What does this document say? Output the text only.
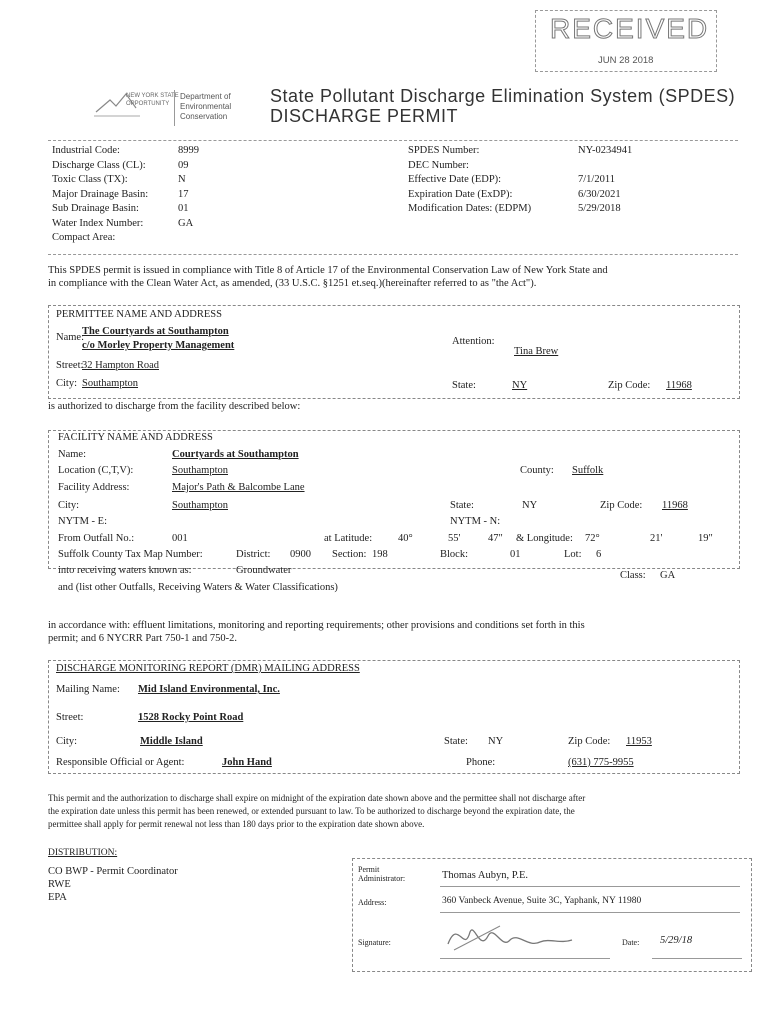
RECEIVED
JUN 28 2018
NEW YORK STATE
OPPORTUNITY
Department of
Environmental
Conservation
State Pollutant Discharge Elimination System (SPDES)
DISCHARGE PERMIT
Industrial Code:	8999
Discharge Class (CL):	09
Toxic Class (TX):	N
Major Drainage Basin:	17
Sub Drainage Basin:	01
Water Index Number:	GA
Compact Area:
SPDES Number:	NY-0234941
DEC Number:
Effective Date (EDP):	7/1/2011
Expiration Date (ExDP):	6/30/2021
Modification Dates: (EDPM)	5/29/2018
This SPDES permit is issued in compliance with Title 8 of Article 17 of the Environmental Conservation Law of New York State and
in compliance with the Clean Water Act, as amended, (33 U.S.C. §1251 et.seq.)(hereinafter referred to as "the Act").
PERMITTEE NAME AND ADDRESS
Name:
The Courtyards at Southampton
c/o Morley Property Management	Attention:
Tina Brew
Street:
32 Hampton Road
City: Southampton	State:	NY	Zip Code: 11968
is authorized to discharge from the facility described below:
FACILITY NAME AND ADDRESS
Name:	Courtyards at Southampton
Location (C,T,V):	Southampton	County: Suffolk
Facility Address:	Major's Path & Balcombe Lane
City:	Southampton	State:	NY	Zip Code: 11968
NYTM - E:	NYTM - N:
From Outfall No.:	001	at Latitude: 40°	55'	47" & Longitude: 72°	21'	19"
Suffolk County Tax Map Number:	District: 0900 Section: 198	Block:	01	Lot: 6
into receiving waters known as:	Groundwater	Class: GA
and (list other Outfalls, Receiving Waters & Water Classifications)
in accordance with: effluent limitations, monitoring and reporting requirements; other provisions and conditions set forth in this
permit; and 6 NYCRR Part 750-1 and 750-2.
DISCHARGE MONITORING REPORT (DMR) MAILING ADDRESS
Mailing Name: Mid Island Environmental, Inc.
Street:	1528 Rocky Point Road
City:	Middle Island	State: NY	Zip Code: 11953
Responsible Official or Agent:	John Hand	Phone:	(631) 775-9955
This permit and the authorization to discharge shall expire on midnight of the expiration date shown above and the permittee shall not discharge after
the expiration date unless this permit has been renewed, or extended pursuant to law. To be authorized to discharge beyond the expiration date, the
permittee shall apply for permit renewal not less than 180 days prior to the expiration date shown above.
DISTRIBUTION:
CO BWP - Permit Coordinator
RWE
EPA
Permit
Administrator:	Thomas Aubyn, P.E.
Address:	360 Vanbeck Avenue, Suite 3C, Yaphank, NY 11980
Signature:	Date: 5/29/18
